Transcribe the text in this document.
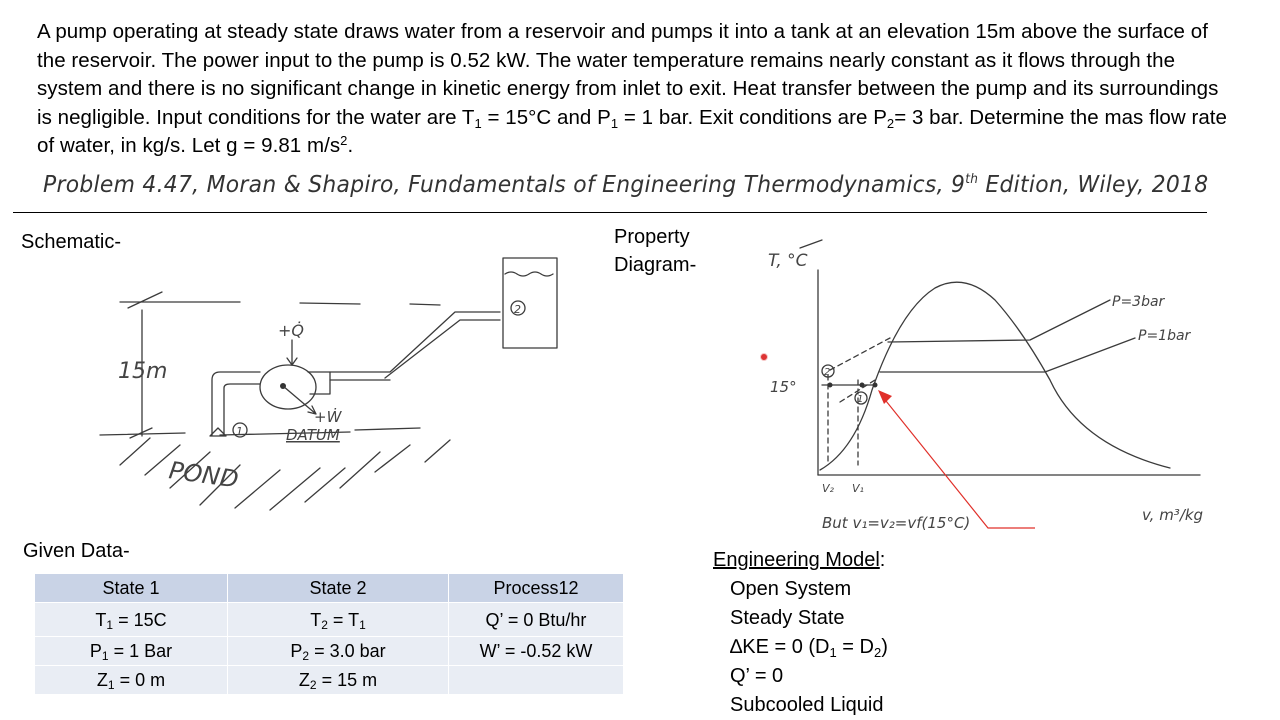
A pump operating at steady state draws water from a reservoir and pumps it into a tank at an elevation 15m above the surface of the reservoir. The power input to the pump is 0.52 kW. The water temperature remains nearly constant as it flows through the system and there is no significant change in kinetic energy from inlet to exit. Heat transfer between the pump and its surroundings is negligible. Input conditions for the water are $T_1 = 15^\circ C$ and $P_1 = 1$ bar. Exit conditions are $P_2= 3$ bar. Determine the mas flow rate of water, in kg/s. Let g = 9.81 $m/s^2$.
Problem 4.47, Moran & Shapiro, Fundamentals of Engineering Thermodynamics, 9th Edition, Wiley, 2018
Schematic-	Property
Diagram-
15m
POND
+Ẇ
DATUM
+Q̇
2
1
T, °C
v, m³/kg
P=3bar
P=1bar
15°
2
1
V₂ V₁
But v₁=v₂=vf(15°C)
Given Data-
State 1	State 2	Process12
$T_1 = 15C$	$T_2 = T_1$	Q’ = 0 Btu/hr
$P_1 = 1$ Bar	$P_2 = 3.0$ bar	W’ = -0.52 kW
$Z_1 = 0$ m	$Z_2 = 15$ m	
Engineering Model:
Open System
Steady State
∆KE = 0 $(D_1 = D_2)$
Q’ = 0
Subcooled Liquid
